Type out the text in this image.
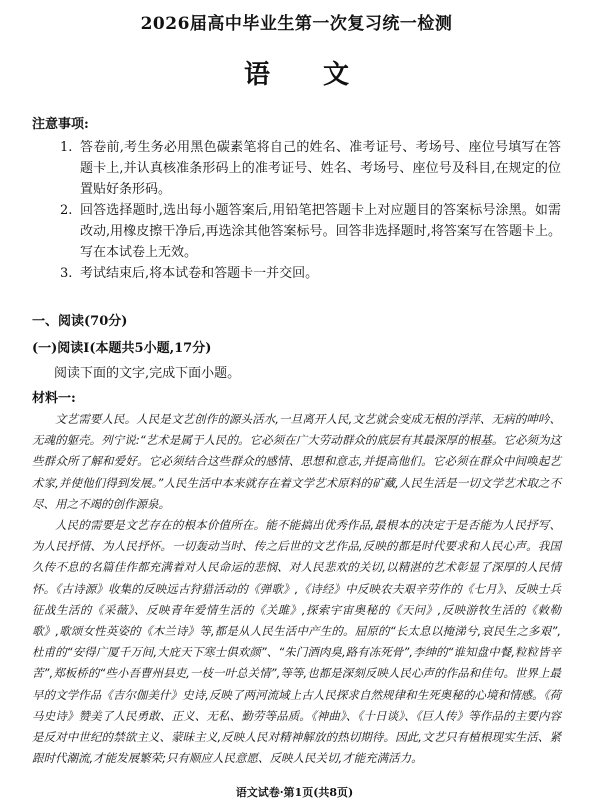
2026届高中毕业生第一次复习统一检测
语 文
注意事项:
1. 答卷前,考生务必用黑色碳素笔将自己的姓名、准考证号、考场号、座位号填写在答题卡上,并认真核准条形码上的准考证号、姓名、考场号、座位号及科目,在规定的位置贴好条形码。
2. 回答选择题时,选出每小题答案后,用铅笔把答题卡上对应题目的答案标号涂黑。如需改动,用橡皮擦干净后,再选涂其他答案标号。回答非选择题时,将答案写在答题卡上。写在本试卷上无效。
3. 考试结束后,将本试卷和答题卡一并交回。
一、阅读(70分)
(一)阅读Ⅰ(本题共5小题,17分)
阅读下面的文字,完成下面小题。
材料一:

文艺需要人民。人民是文艺创作的源头活水,一旦离开人民,文艺就会变成无根的浮萍、无病的呻吟、无魂的躯壳。列宁说:“艺术是属于人民的。它必须在广大劳动群众的底层有其最深厚的根基。它必须为这些群众所了解和爱好。它必须结合这些群众的感情、思想和意志,并提高他们。它必须在群众中间唤起艺术家,并使他们得到发展。”人民生活中本来就存在着文学艺术原料的矿藏,人民生活是一切文学艺术取之不尽、用之不竭的创作源泉。

人民的需要是文艺存在的根本价值所在。能不能搞出优秀作品,最根本的决定于是否能为人民抒写、为人民抒情、为人民抒怀。一切轰动当时、传之后世的文艺作品,反映的都是时代要求和人民心声。我国久传不息的名篇佳作都充满着对人民命运的悲悯、对人民悲欢的关切,以精湛的艺术彰显了深厚的人民情怀。《古诗源》收集的反映远古狩猎活动的《弹歌》,《诗经》中反映农夫艰辛劳作的《七月》、反映士兵征战生活的《采薇》、反映青年爱情生活的《关雎》,探索宇宙奥秘的《天问》,反映游牧生活的《敕勒歌》,歌颂女性英姿的《木兰诗》等,都是从人民生活中产生的。屈原的“长太息以掩涕兮,哀民生之多艰”,杜甫的“安得广厦千万间,大庇天下寒士俱欢颜”、“朱门酒肉臭,路有冻死骨”,李绅的“谁知盘中餐,粒粒皆辛苦”,郑板桥的“些小吾曹州县吏,一枝一叶总关情”,等等,也都是深刻反映人民心声的作品和佳句。世界上最早的文学作品《吉尔伽美什》史诗,反映了两河流域上古人民探求自然规律和生死奥秘的心境和情感。《荷马史诗》赞美了人民勇敢、正义、无私、勤劳等品质。《神曲》、《十日谈》、《巨人传》等作品的主要内容是反对中世纪的禁欲主义、蒙昧主义,反映人民对精神解放的热切期待。因此,文艺只有植根现实生活、紧跟时代潮流,才能发展繁荣;只有顺应人民意愿、反映人民关切,才能充满活力。

语文试卷·第1页(共8页)
